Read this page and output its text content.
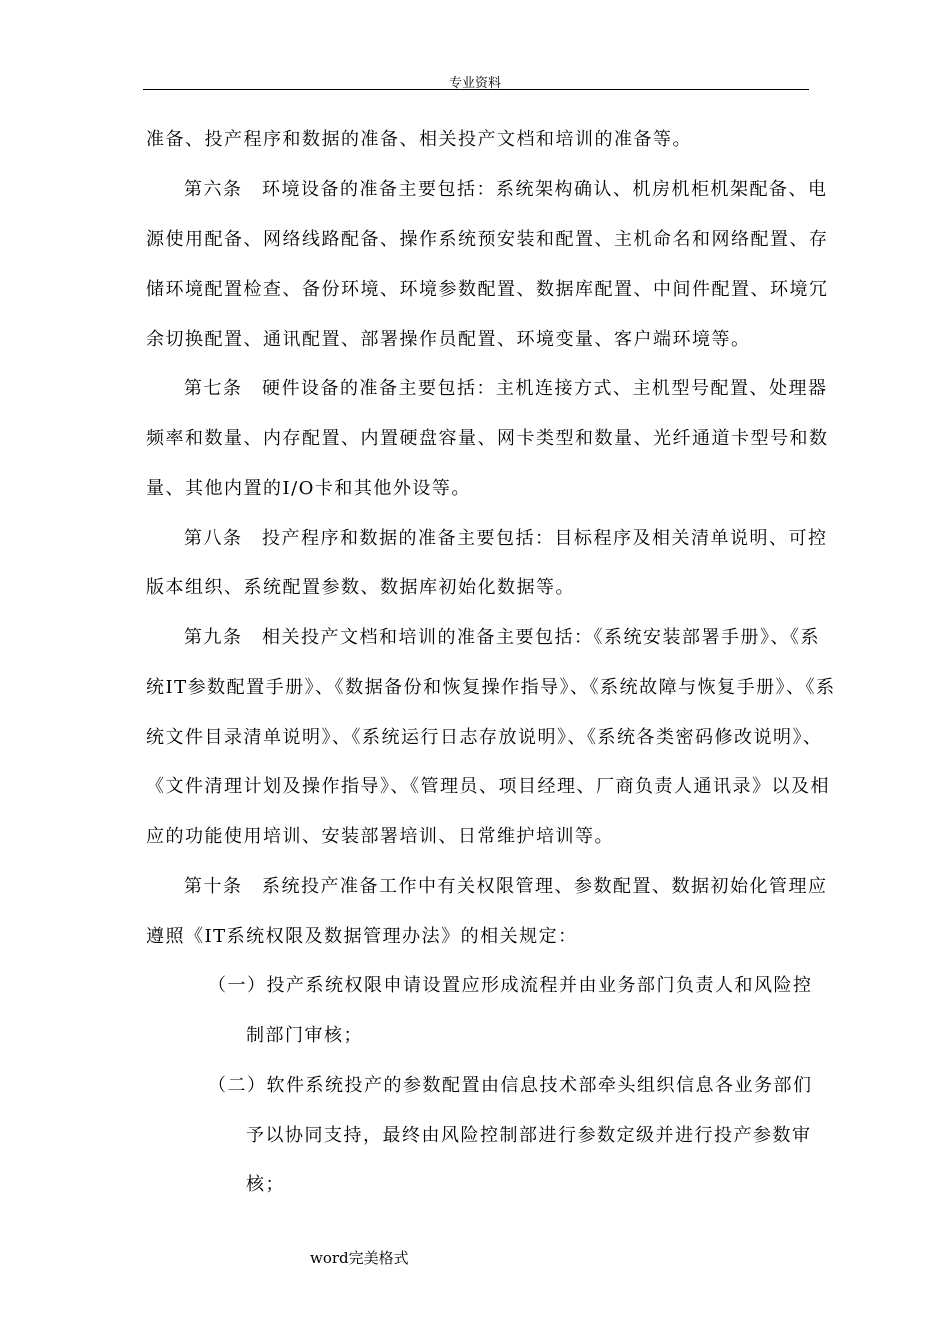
专业资料
准备、投产程序和数据的准备、相关投产文档和培训的准备等。
第六条　环境设备的准备主要包括：系统架构确认、机房机柜机架配备、电
源使用配备、网络线路配备、操作系统预安装和配置、主机命名和网络配置、存
储环境配置检查、备份环境、环境参数配置、数据库配置、中间件配置、环境冗
余切换配置、通讯配置、部署操作员配置、环境变量、客户端环境等。
第七条　硬件设备的准备主要包括：主机连接方式、主机型号配置、处理器
频率和数量、内存配置、内置硬盘容量、网卡类型和数量、光纤通道卡型号和数
量、其他内置的I/O卡和其他外设等。
第八条　投产程序和数据的准备主要包括：目标程序及相关清单说明、可控
版本组织、系统配置参数、数据库初始化数据等。
第九条　相关投产文档和培训的准备主要包括：《系统安装部署手册》、《系
统IT参数配置手册》、《数据备份和恢复操作指导》、《系统故障与恢复手册》、《系
统文件目录清单说明》、《系统运行日志存放说明》、《系统各类密码修改说明》、
《文件清理计划及操作指导》、《管理员、项目经理、厂商负责人通讯录》以及相
应的功能使用培训、安装部署培训、日常维护培训等。
第十条　系统投产准备工作中有关权限管理、参数配置、数据初始化管理应
遵照《IT系统权限及数据管理办法》的相关规定：
（一）投产系统权限申请设置应形成流程并由业务部门负责人和风险控
制部门审核；
（二）软件系统投产的参数配置由信息技术部牵头组织信息各业务部们
予以协同支持，最终由风险控制部进行参数定级并进行投产参数审
核；
word完美格式
